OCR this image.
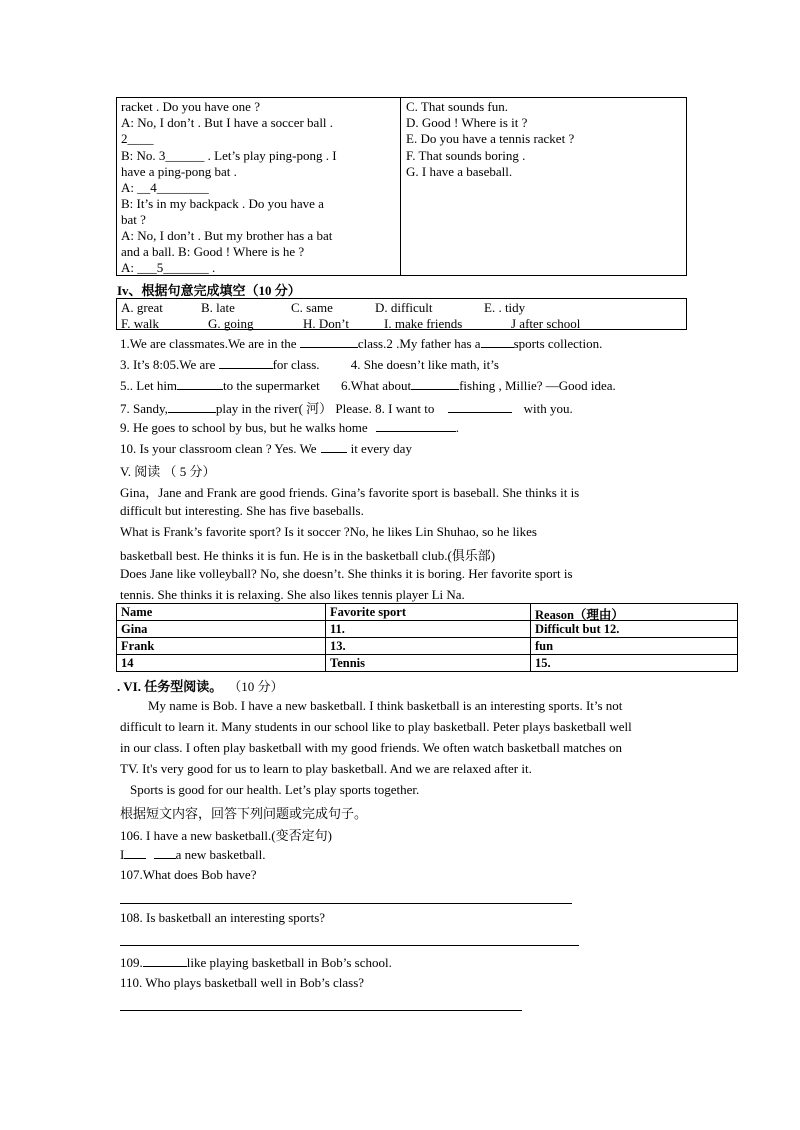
racket . Do you have one ?
A: No, I don’t . But I have a soccer ball .
2____
B: No. 3______ . Let’s play ping-pong . I
have a ping-pong bat .
A: __4________
B: It’s in my backpack . Do you have a
bat ?
A: No, I don’t . But my brother has a bat
and a ball. B: Good ! Where is he ?
A: ___5_______ .
C. That sounds fun.
D. Good ! Where is it ?
E. Do you have a tennis racket ?
F. That sounds boring .
G. I have a baseball.
Iv、根据句意完成填空（10 分）
A. great	B. late	C. same	D. difficult	E. . tidy
F. walk	G. going	H. Don’t	I. make friends	J after school
1.We are classmates.We are in the	class.2 .My father has a	sports collection.
3. It’s 8:05.We are	for class. 4. She doesn’t like math, it’s
5.. Let him	to the supermarket 6.What about	fishing , Millie? —Good idea.
7. Sandy,	play in the river( 河） Please. 8. I want to	with you.
9. He goes to school by bus, but he walks home	.
10. Is your classroom clean ? Yes. We	it every day
V. 阅读 （ 5 分）
Gina，Jane and Frank are good friends. Gina’s favorite sport is baseball. She thinks it is
difficult but interesting. She has five baseballs.
What is Frank’s favorite sport? Is it soccer ?No, he likes Lin Shuhao, so he likes
basketball best. He thinks it is fun. He is in the basketball club.(俱乐部)
Does Jane like volleyball? No, she doesn’t. She thinks it is boring. Her favorite sport is
tennis. She thinks it is relaxing. She also likes tennis player Li Na.
Name	Favorite sport	Reason（理由）
Gina	11.	Difficult but 12.
Frank	13.	fun
14	Tennis	15.
. VI. 任务型阅读。 （10 分）
My name is Bob. I have a new basketball. I think basketball is an interesting sports. It’s not
difficult to learn it. Many students in our school like to play basketball. Peter plays basketball well
in our class. I often play basketball with my good friends. We often watch basketball matches on
TV. It's very good for us to learn to play basketball. And we are relaxed after it.
Sports is good for our health. Let’s play sports together.
根据短文内容，回答下列问题或完成句子。
106. I have a new basketball.(变否定句)
I	a new basketball.
107.What does Bob have?
108. Is basketball an interesting sports?
109.	like playing basketball in Bob’s school.
110. Who plays basketball well in Bob’s class?
